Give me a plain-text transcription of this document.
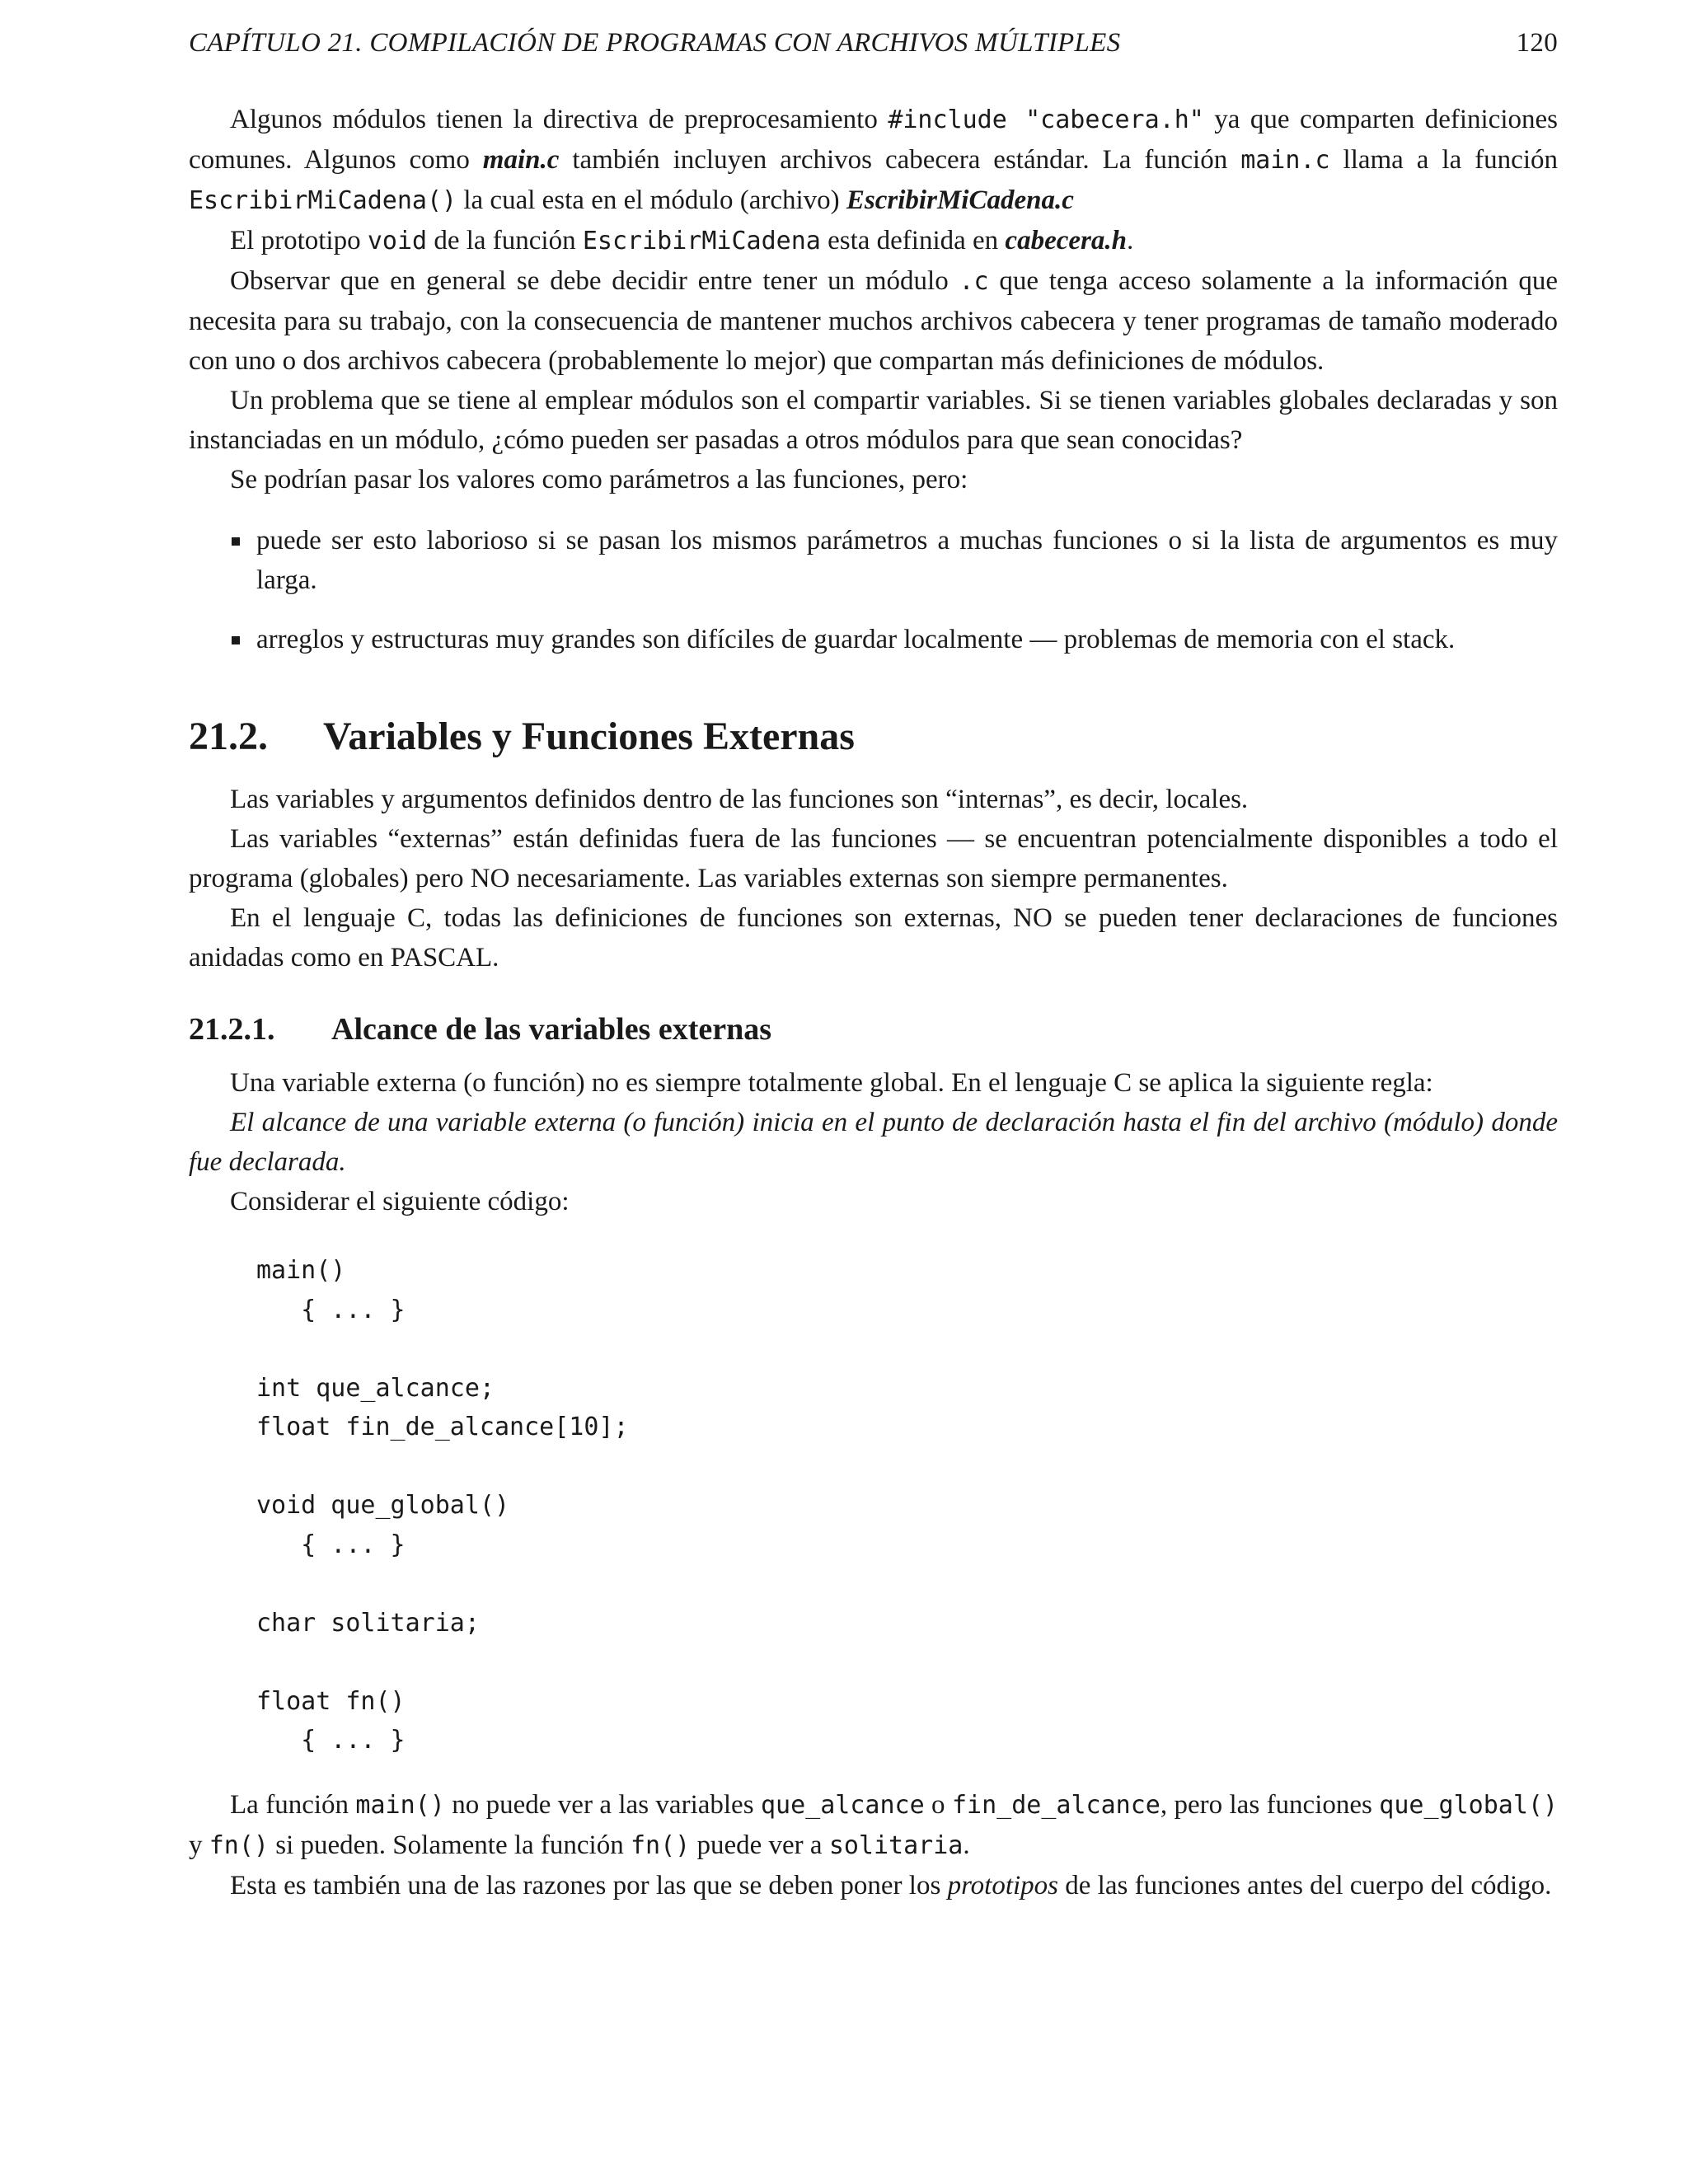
CAPÍTULO 21. COMPILACIÓN DE PROGRAMAS CON ARCHIVOS MÚLTIPLES	120

Algunos módulos tienen la directiva de preprocesamiento #include "cabecera.h" ya que comparten definiciones comunes. Algunos como main.c también incluyen archivos cabecera estándar. La función main.c llama a la función EscribirMiCadena() la cual esta en el módulo (archivo) EscribirMiCadena.c

El prototipo void de la función EscribirMiCadena esta definida en cabecera.h.

Observar que en general se debe decidir entre tener un módulo .c que tenga acceso solamente a la información que necesita para su trabajo, con la consecuencia de mantener muchos archivos cabecera y tener programas de tamaño moderado con uno o dos archivos cabecera (probablemente lo mejor) que compartan más definiciones de módulos.

Un problema que se tiene al emplear módulos son el compartir variables. Si se tienen variables globales declaradas y son instanciadas en un módulo, ¿cómo pueden ser pasadas a otros módulos para que sean conocidas?

Se podrían pasar los valores como parámetros a las funciones, pero:

puede ser esto laborioso si se pasan los mismos parámetros a muchas funciones o si la lista de argumentos es muy larga.
arreglos y estructuras muy grandes son difíciles de guardar localmente — problemas de memoria con el stack.
21.2. Variables y Funciones Externas

Las variables y argumentos definidos dentro de las funciones son “internas”, es decir, locales.

Las variables “externas” están definidas fuera de las funciones — se encuentran potencialmente disponibles a todo el programa (globales) pero NO necesariamente. Las variables externas son siempre permanentes.

En el lenguaje C, todas las definiciones de funciones son externas, NO se pueden tener declaraciones de funciones anidadas como en PASCAL.

21.2.1. Alcance de las variables externas

Una variable externa (o función) no es siempre totalmente global. En el lenguaje C se aplica la siguiente regla:

El alcance de una variable externa (o función) inicia en el punto de declaración hasta el fin del archivo (módulo) donde fue declarada.

Considerar el siguiente código:

main()
{ ... }
int que_alcance;
float fin_de_alcance[10];
void que_global()
{ ... }
char solitaria;
float fn()
{ ... }

La función main() no puede ver a las variables que_alcance o fin_de_alcance, pero las funciones que_global() y fn() si pueden. Solamente la función fn() puede ver a solitaria.

Esta es también una de las razones por las que se deben poner los prototipos de las funciones antes del cuerpo del código.
